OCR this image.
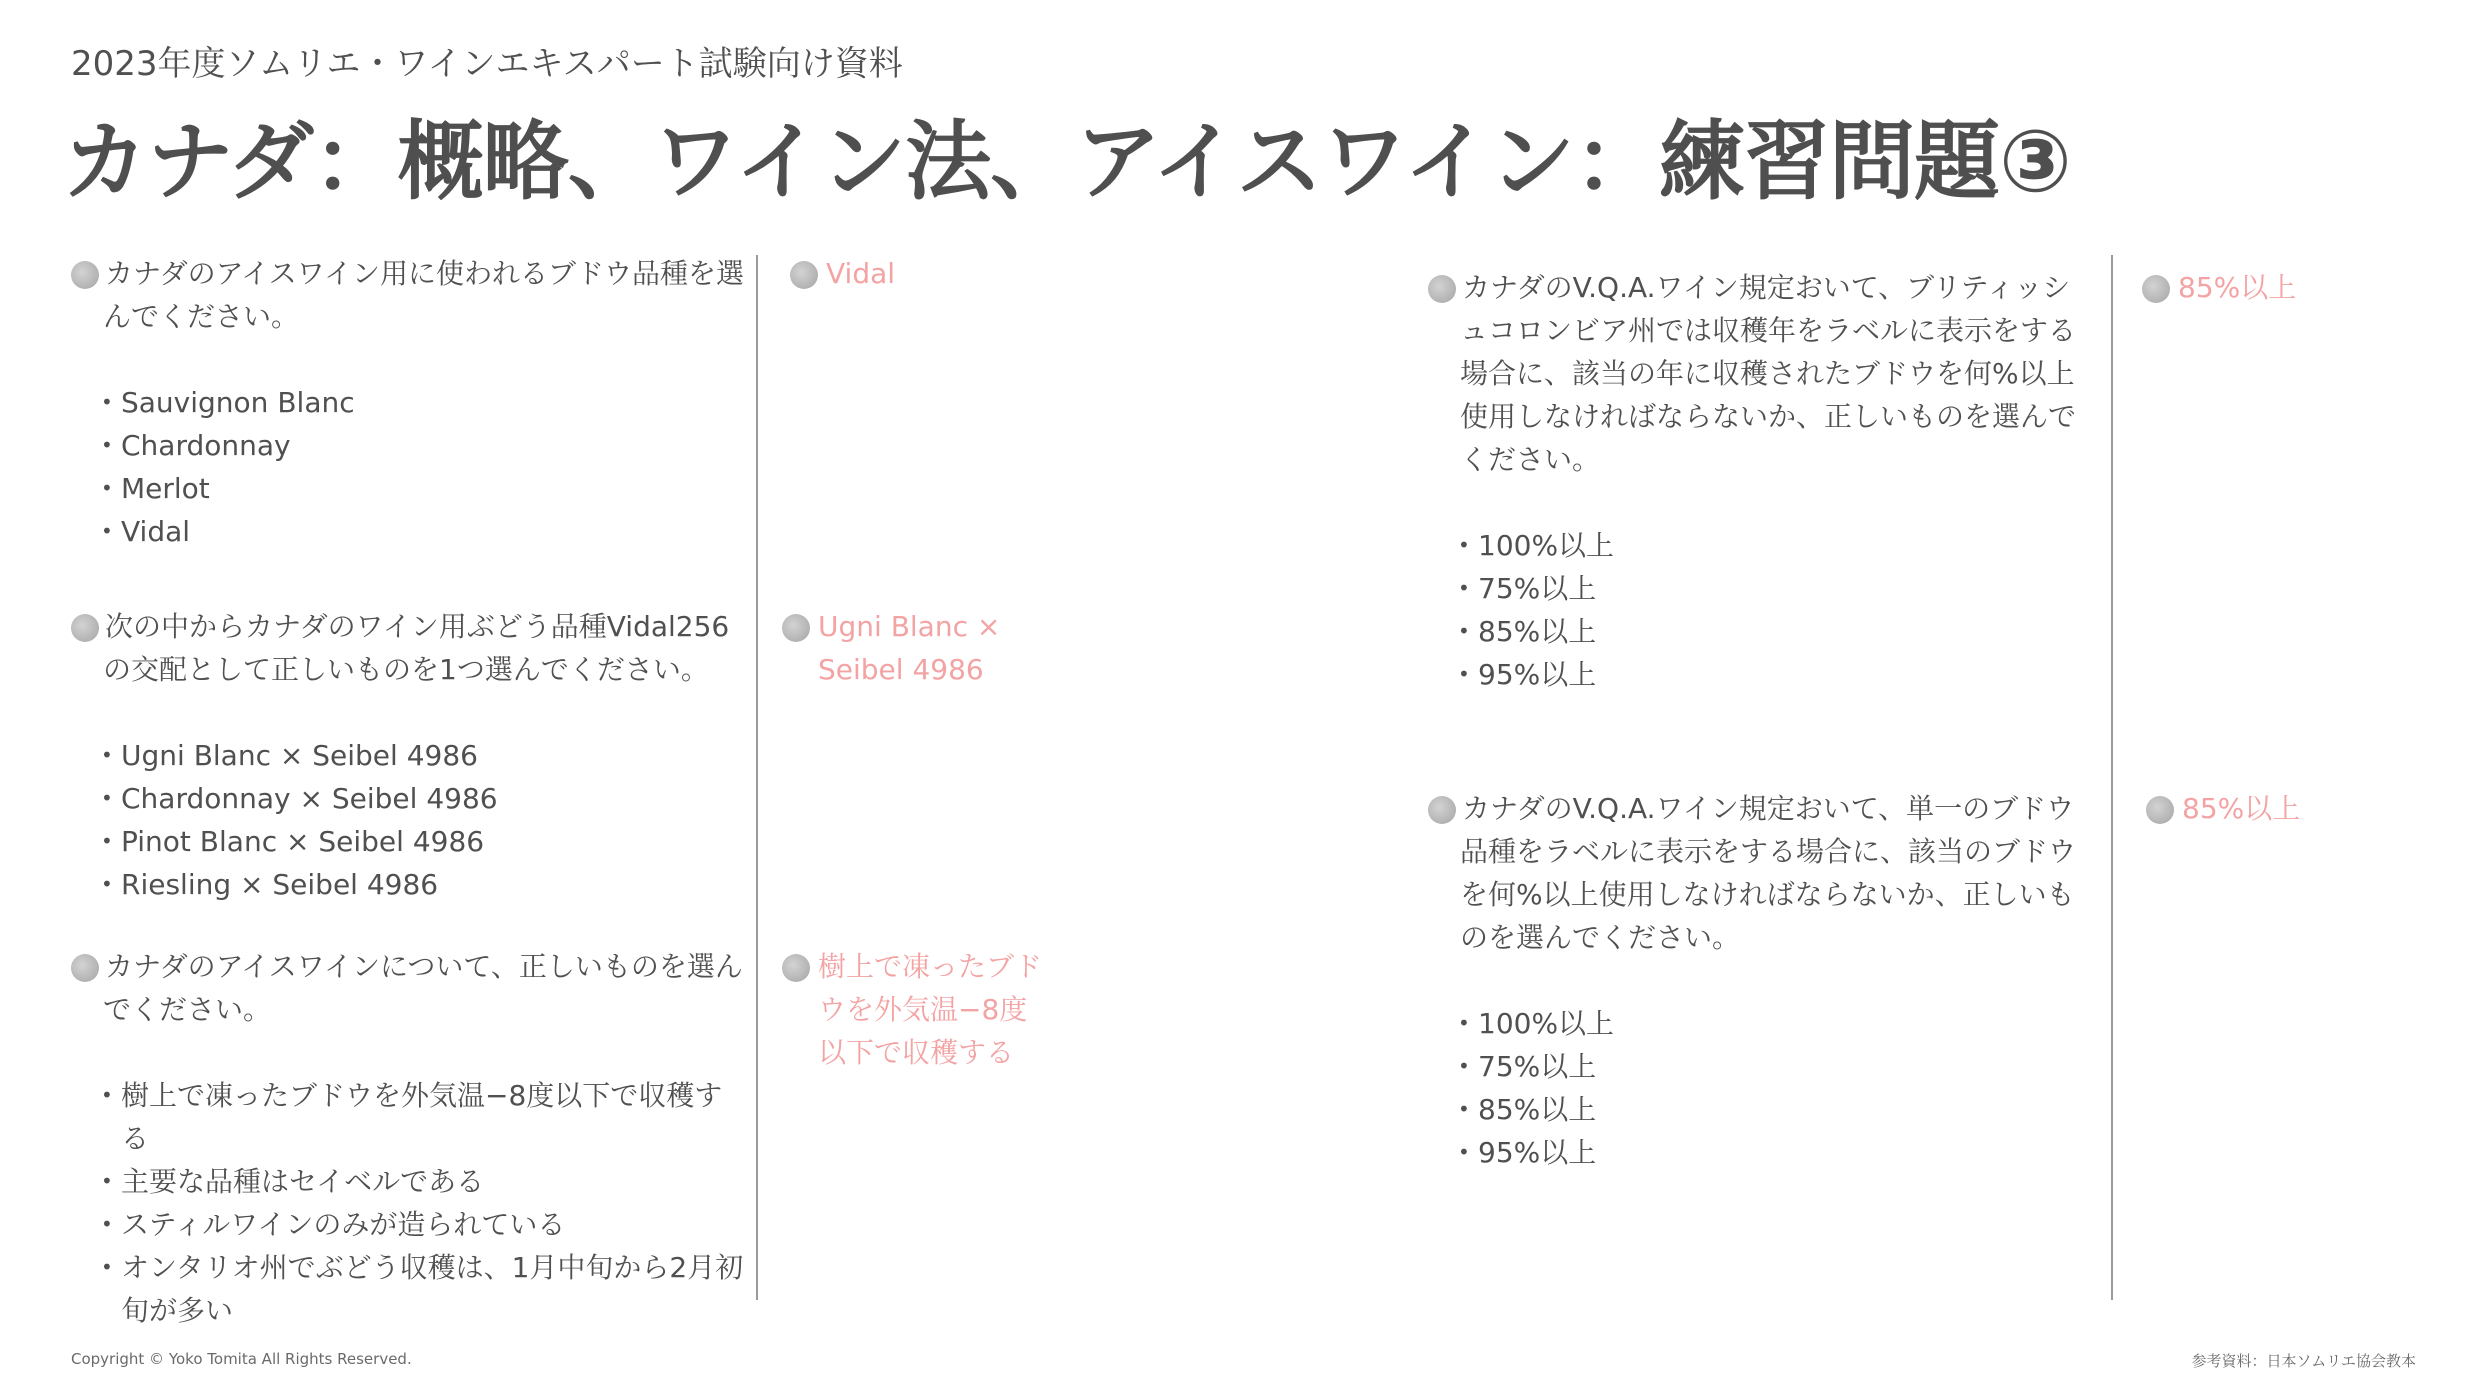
2023年度ソムリエ・ワインエキスパート試験向け資料
カナダ：概略、ワイン法、アイスワイン：練習問題③

カナダのアイスワイン用に使われるブドウ品種を選んでください。

• Sauvignon Blanc
• Chardonnay
• Merlot
• Vidal
Vidal

次の中からカナダのワイン用ぶどう品種Vidal256の交配として正しいものを1つ選んでください。

• Ugni Blanc × Seibel 4986
• Chardonnay × Seibel 4986
• Pinot Blanc × Seibel 4986
• Riesling × Seibel 4986

Ugni Blanc × Seibel 4986

カナダのアイスワインについて、正しいものを選んでください。

• 樹上で凍ったブドウを外気温−8度以下で収穫する
• 主要な品種はセイベルである
• スティルワインのみが造られている
• オンタリオ州でぶどう収穫は、1月中旬から2月初旬が多い

樹上で凍ったブドウを外気温−8度以下で収穫する

カナダのV.Q.A.ワイン規定おいて、ブリティッシュコロンビア州では収穫年をラベルに表示をする場合に、該当の年に収穫されたブドウを何%以上使用しなければならないか、正しいものを選んでください。

• 100%以上
• 75%以上
• 85%以上
• 95%以上
85%以上

カナダのV.Q.A.ワイン規定おいて、単一のブドウ品種をラベルに表示をする場合に、該当のブドウを何%以上使用しなければならないか、正しいものを選んでください。

• 100%以上
• 75%以上
• 85%以上
• 95%以上
85%以上
Copyright © Yoko Tomita All Rights Reserved.	参考資料：日本ソムリエ協会教本
